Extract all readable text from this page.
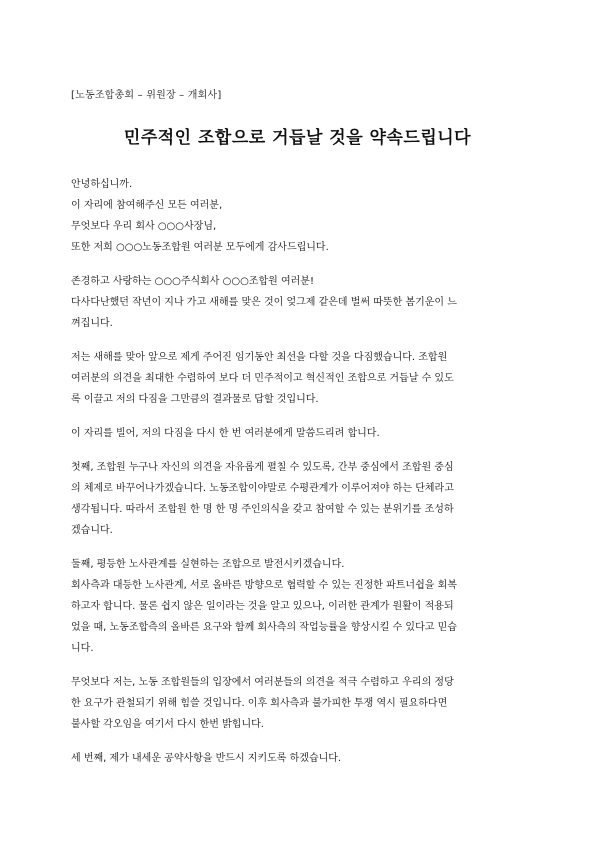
[노동조합총회 – 위원장 – 개회사]
민주적인 조합으로 거듭날 것을 약속드립니다

안녕하십니까.
이 자리에 참여해주신 모든 여러분,
무엇보다 우리 회사 ○○○사장님,
또한 저희 ○○○노동조합원 여러분 모두에게 감사드립니다.

존경하고 사랑하는 ○○○주식회사 ○○○조합원 여러분!
다사다난했던 작년이 지나 가고 새해를 맞은 것이 엊그제 같은데 벌써 따뜻한 봄기운이 느
껴집니다.

저는 새해를 맞아 앞으로 제게 주어진 임기동안 최선을 다할 것을 다짐했습니다. 조합원
여러분의 의견을 최대한 수렴하여 보다 더 민주적이고 혁신적인 조합으로 거듭날 수 있도
록 이끌고 저의 다짐을 그만큼의 결과물로 답할 것입니다.

이 자리를 빌어, 저의 다짐을 다시 한 번 여러분에게 말씀드리려 합니다.

첫째, 조합원 누구나 자신의 의견을 자유롭게 펼칠 수 있도록, 간부 중심에서 조합원 중심
의 체제로 바꾸어나가겠습니다. 노동조합이야말로 수평관계가 이루어져야 하는 단체라고
생각됩니다. 따라서 조합원 한 명 한 명 주인의식을 갖고 참여할 수 있는 분위기를 조성하
겠습니다.

둘째, 평등한 노사관계를 실현하는 조합으로 발전시키겠습니다.
회사측과 대등한 노사관계, 서로 올바른 방향으로 협력할 수 있는 진정한 파트너쉽을 회복
하고자 합니다. 물론 쉽지 않은 일이라는 것을 알고 있으나, 이러한 관계가 원활이 적용되
었을 때, 노동조합측의 올바른 요구와 함께 회사측의 작업능률을 향상시킬 수 있다고 믿습
니다.

무엇보다 저는, 노동 조합원들의 입장에서 여러분들의 의견을 적극 수렴하고 우리의 정당
한 요구가 관철되기 위해 힘쓸 것입니다. 이후 회사측과 불가피한 투쟁 역시 필요하다면
불사할 각오임을 여기서 다시 한번 밝힙니다.

세 번째, 제가 내세운 공약사항을 반드시 지키도록 하겠습니다.
